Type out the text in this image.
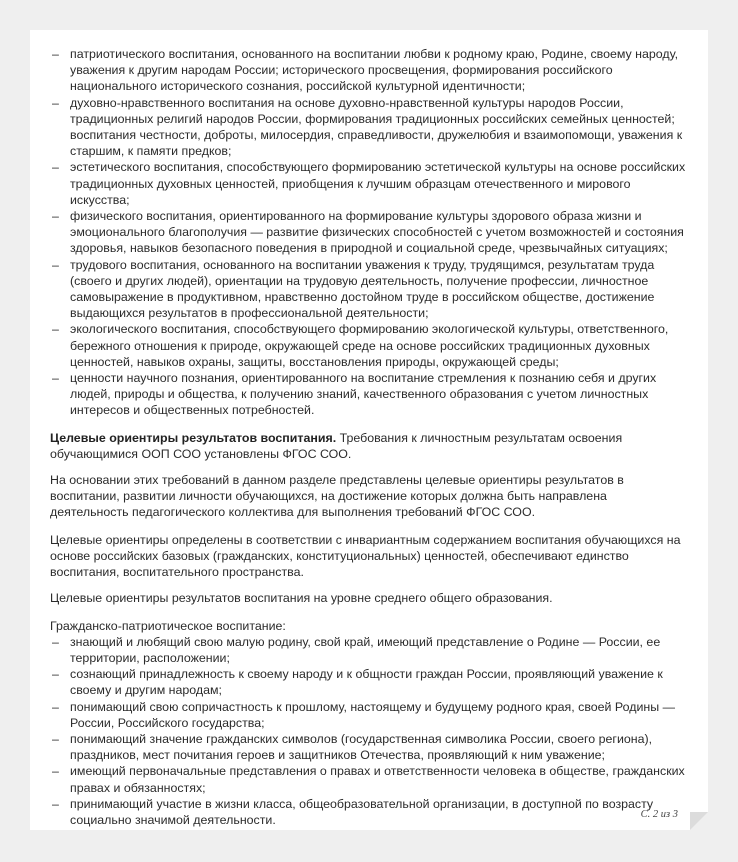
– патриотического воспитания, основанного на воспитании любви к родному краю, Родине, своему народу, уважения к другим народам России; исторического просвещения, формирования российского национального исторического сознания, российской культурной идентичности;
– духовно-нравственного воспитания на основе духовно-нравственной культуры народов России, традиционных религий народов России, формирования традиционных российских семейных ценностей; воспитания честности, доброты, милосердия, справедливости, дружелюбия и взаимопомощи, уважения к старшим, к памяти предков;
– эстетического воспитания, способствующего формированию эстетической культуры на основе российских традиционных духовных ценностей, приобщения к лучшим образцам отечественного и мирового искусства;
– физического воспитания, ориентированного на формирование культуры здорового образа жизни и эмоционального благополучия — развитие физических способностей с учетом возможностей и состояния здоровья, навыков безопасного поведения в природной и социальной среде, чрезвычайных ситуациях;
– трудового воспитания, основанного на воспитании уважения к труду, трудящимся, результатам труда (своего и других людей), ориентации на трудовую деятельность, получение профессии, личностное самовыражение в продуктивном, нравственно достойном труде в российском обществе, достижение выдающихся результатов в профессиональной деятельности;
– экологического воспитания, способствующего формированию экологической культуры, ответственного, бережного отношения к природе, окружающей среде на основе российских традиционных духовных ценностей, навыков охраны, защиты, восстановления природы, окружающей среды;
– ценности научного познания, ориентированного на воспитание стремления к познанию себя и других людей, природы и общества, к получению знаний, качественного образования с учетом личностных интересов и общественных потребностей.

Целевые ориентиры результатов воспитания. Требования к личностным результатам освоения обучающимися ООП СОО установлены ФГОС СОО.

На основании этих требований в данном разделе представлены целевые ориентиры результатов в воспитании, развитии личности обучающихся, на достижение которых должна быть направлена деятельность педагогического коллектива для выполнения требований ФГОС СОО.

Целевые ориентиры определены в соответствии с инвариантным содержанием воспитания обучающихся на основе российских базовых (гражданских, конституциональных) ценностей, обеспечивают единство воспитания, воспитательного пространства.

Целевые ориентиры результатов воспитания на уровне среднего общего образования.

Гражданско-патриотическое воспитание:

– знающий и любящий свою малую родину, свой край, имеющий представление о Родине — России, ее территории, расположении;
– сознающий принадлежность к своему народу и к общности граждан России, проявляющий уважение к своему и другим народам;
– понимающий свою сопричастность к прошлому, настоящему и будущему родного края, своей Родины — России, Российского государства;
– понимающий значение гражданских символов (государственная символика России, своего региона), праздников, мест почитания героев и защитников Отечества, проявляющий к ним уважение;
– имеющий первоначальные представления о правах и ответственности человека в обществе, гражданских правах и обязанностях;
– принимающий участие в жизни класса, общеобразовательной организации, в доступной по возрасту социально значимой деятельности.	С. 2 из 3
